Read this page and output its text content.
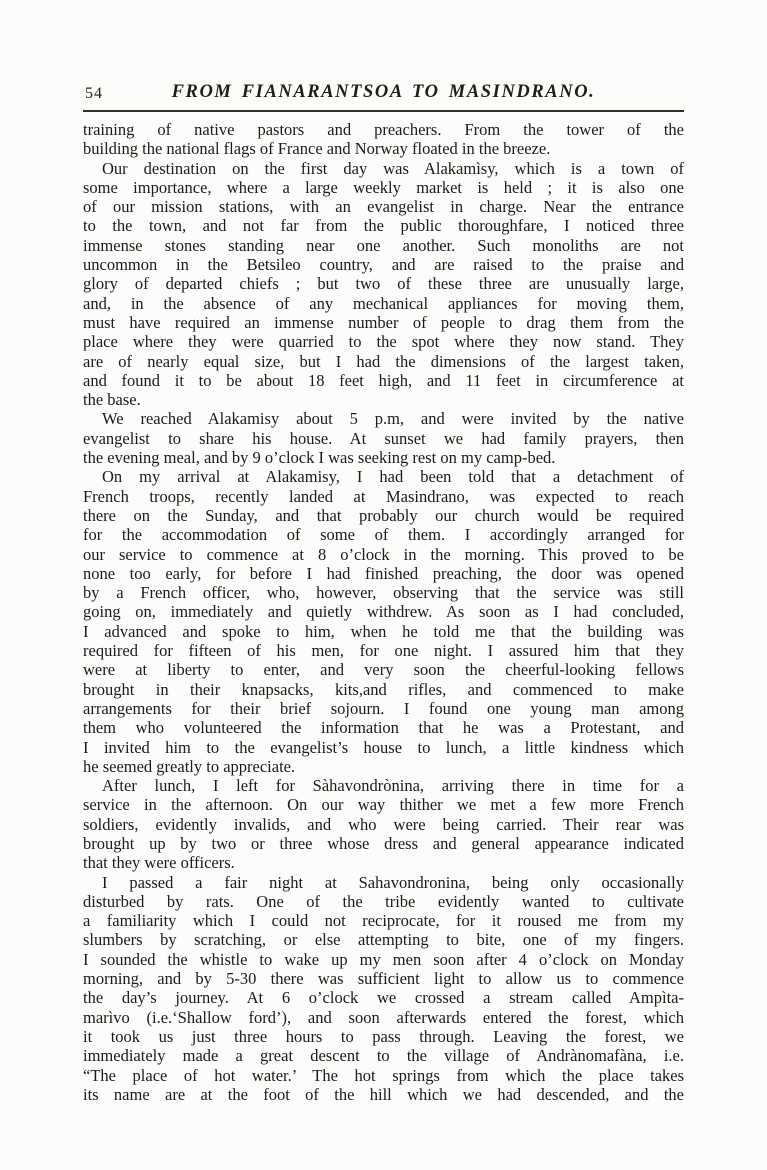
54	FROM FIANARANTSOA TO MASINDRANO.
training of native pastors and preachers. From the tower of the
building the national flags of France and Norway floated in the breeze.
Our destination on the first day was Alakamìsy, which is a town of
some importance, where a large weekly market is held ; it is also one
of our mission stations, with an evangelist in charge. Near the entrance
to the town, and not far from the public thoroughfare, I noticed three
immense stones standing near one another. Such monoliths are not
uncommon in the Betsileo country, and are raised to the praise and
glory of departed chiefs ; but two of these three are unusually large,
and, in the absence of any mechanical appliances for moving them,
must have required an immense number of people to drag them from the
place where they were quarried to the spot where they now stand. They
are of nearly equal size, but I had the dimensions of the largest taken,
and found it to be about 18 feet high, and 11 feet in circumference at
the base.
We reached Alakamisy about 5 p.m, and were invited by the native
evangelist to share his house. At sunset we had family prayers, then
the evening meal, and by 9 o’clock I was seeking rest on my camp-bed.
On my arrival at Alakamisy, I had been told that a detachment of
French troops, recently landed at Masindrano, was expected to reach
there on the Sunday, and that probably our church would be required
for the accommodation of some of them. I accordingly arranged for
our service to commence at 8 o’clock in the morning. This proved to be
none too early, for before I had finished preaching, the door was opened
by a French officer, who, however, observing that the service was still
going on, immediately and quietly withdrew. As soon as I had concluded,
I advanced and spoke to him, when he told me that the building was
required for fifteen of his men, for one night. I assured him that they
were at liberty to enter, and very soon the cheerful-looking fellows
brought in their knapsacks, kits,and rifles, and commenced to make
arrangements for their brief sojourn. I found one young man among
them who volunteered the information that he was a Protestant, and
I invited him to the evangelist’s house to lunch, a little kindness which
he seemed greatly to appreciate.
After lunch, I left for Sàhavondrònina, arriving there in time for a
service in the afternoon. On our way thither we met a few more French
soldiers, evidently invalids, and who were being carried. Their rear was
brought up by two or three whose dress and general appearance indicated
that they were officers.
I passed a fair night at Sahavondronina, being only occasionally
disturbed by rats. One of the tribe evidently wanted to cultivate
a familiarity which I could not reciprocate, for it roused me from my
slumbers by scratching, or else attempting to bite, one of my fingers.
I sounded the whistle to wake up my men soon after 4 o’clock on Monday
morning, and by 5-30 there was sufficient light to allow us to commence
the day’s journey. At 6 o’clock we crossed a stream called Ampìta-
marìvo (i.e.‘Shallow ford’), and soon afterwards entered the forest, which
it took us just three hours to pass through. Leaving the forest, we
immediately made a great descent to the village of Andrànomafàna, i.e.
“The place of hot water.’ The hot springs from which the place takes
its name are at the foot of the hill which we had descended, and the
